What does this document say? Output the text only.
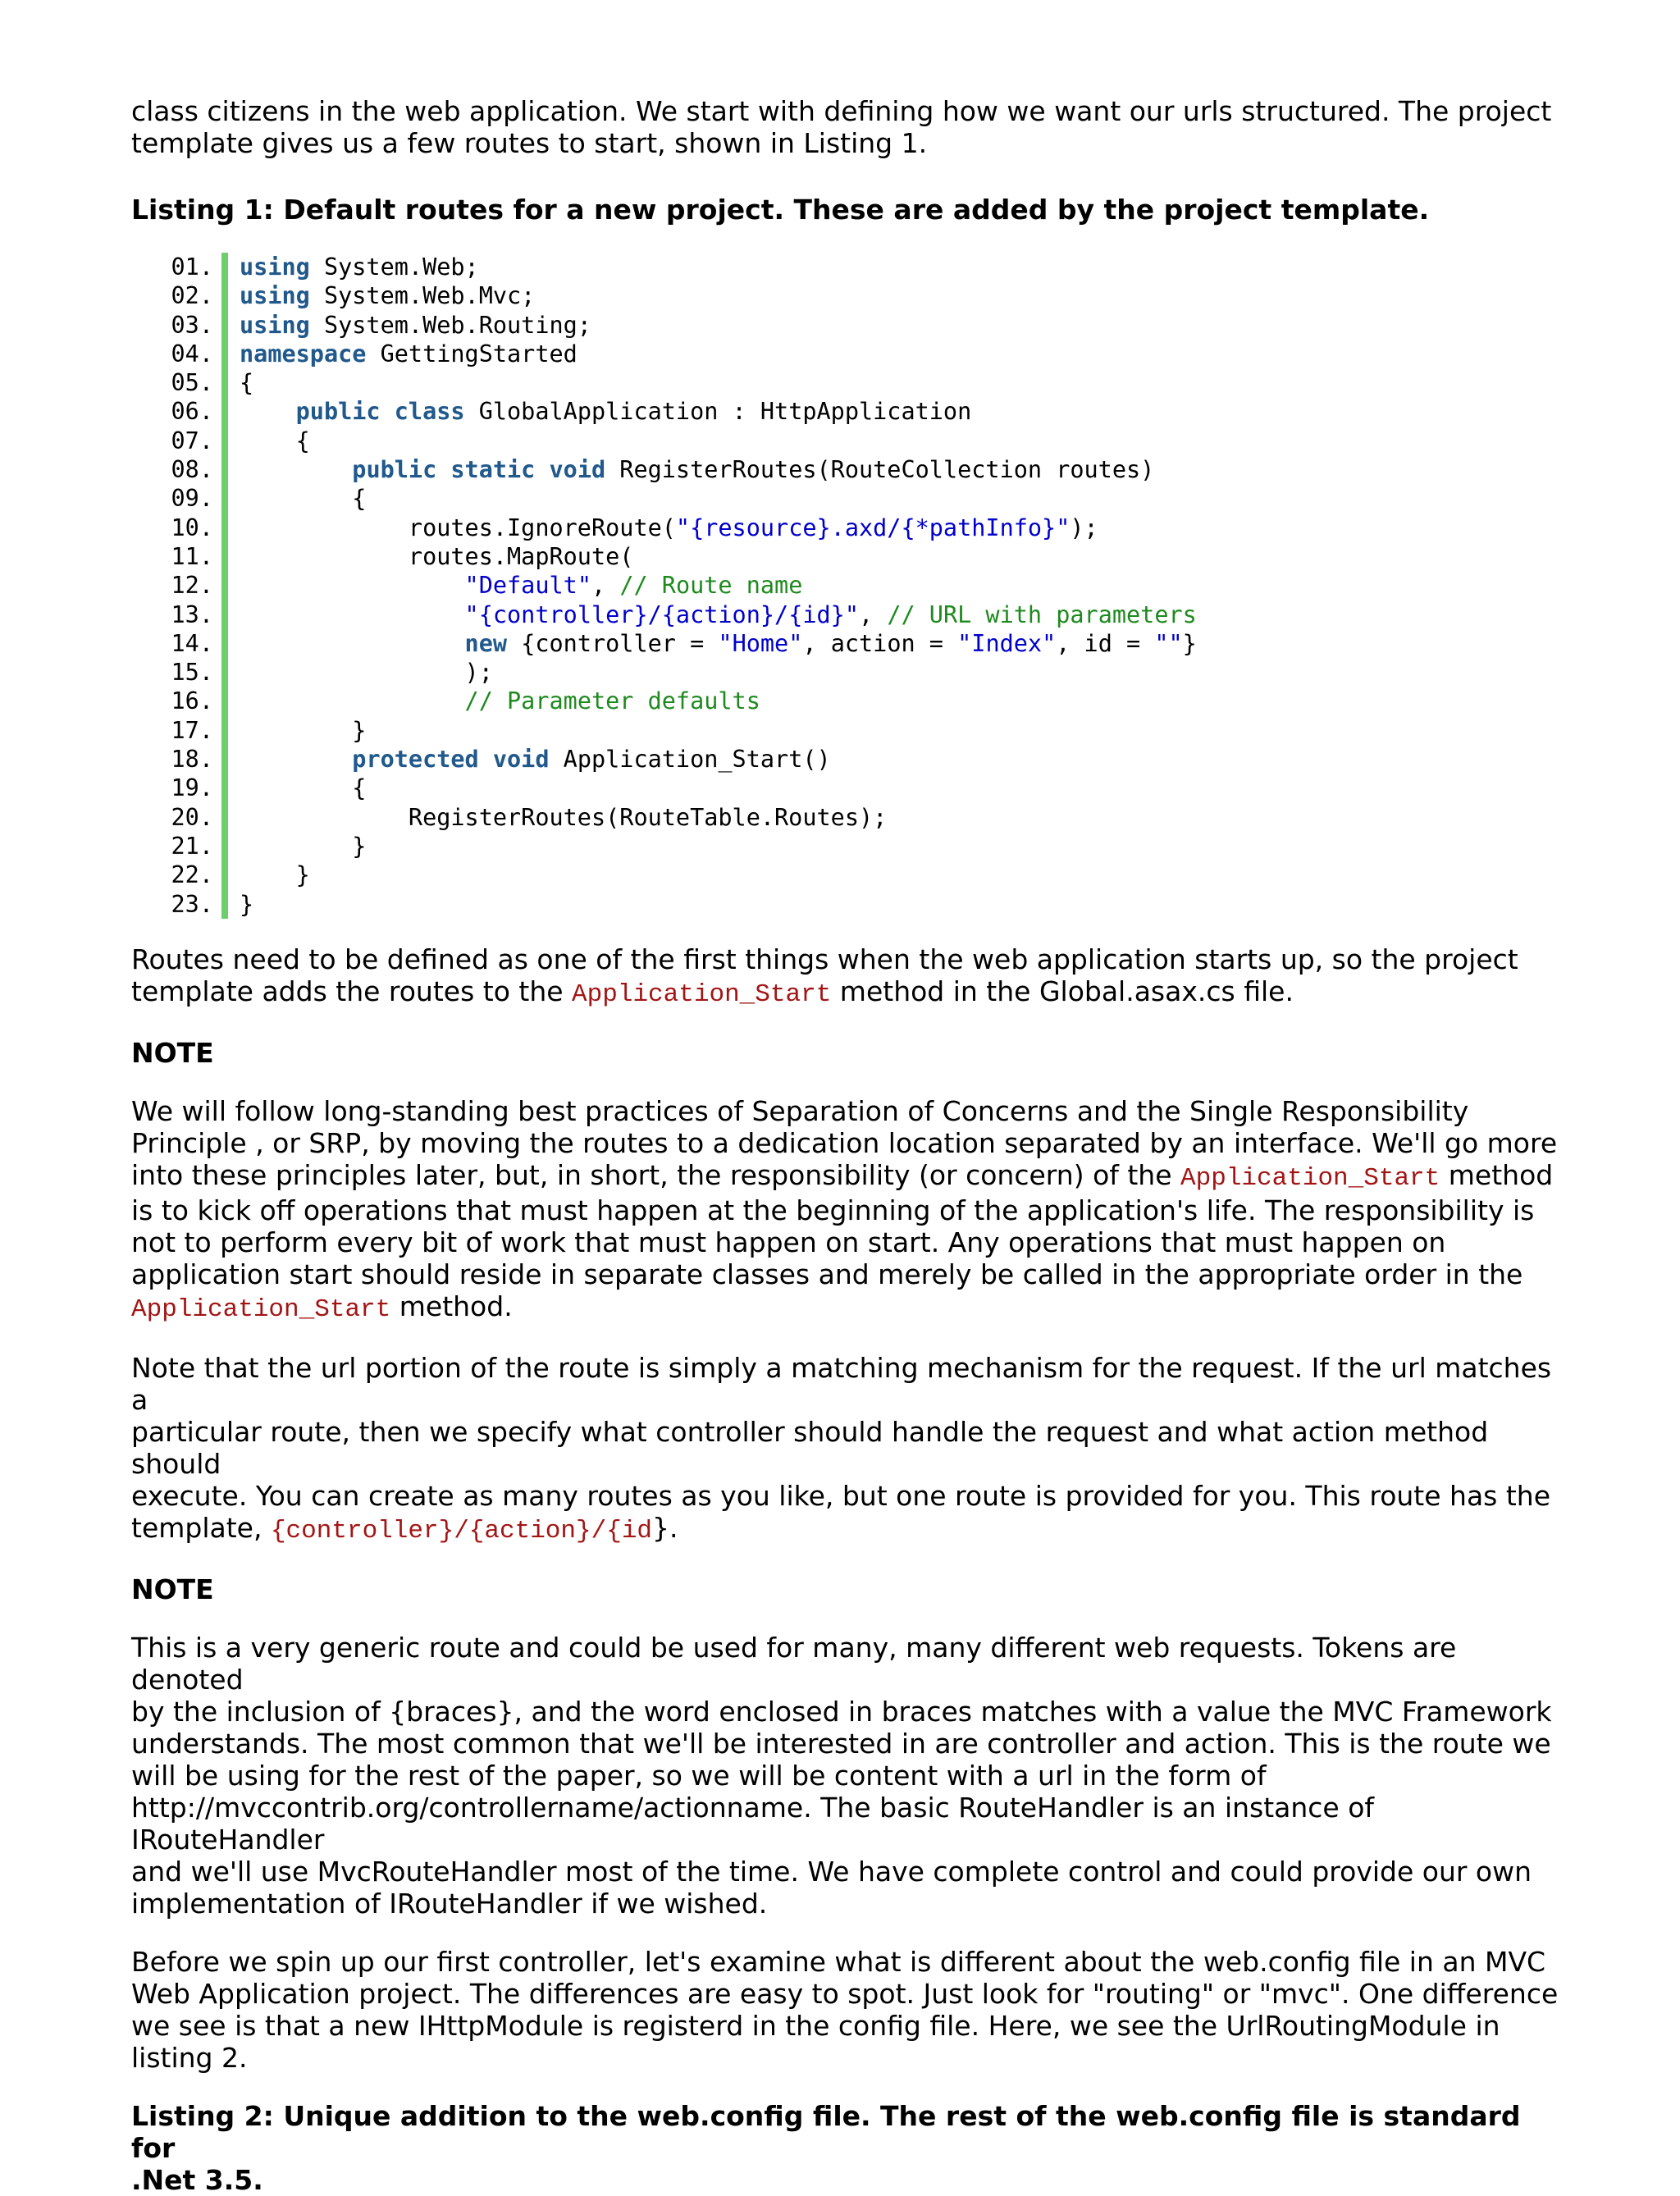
class citizens in the web application. We start with defining how we want our urls structured. The project
template gives us a few routes to start, shown in Listing 1.

Listing 1: Default routes for a new project. These are added by the project template.

01.	using System.Web;
02.	using System.Web.Mvc;
03.	using System.Web.Routing;
04.	namespace GettingStarted
05.	{
06.	public class GlobalApplication : HttpApplication
07.	{
08.	public static void RegisterRoutes(RouteCollection routes)
09.	{
10.	routes.IgnoreRoute("{resource}.axd/{*pathInfo}");
11.	routes.MapRoute(
12.	"Default", // Route name
13.	"{controller}/{action}/{id}", // URL with parameters
14.	new {controller = "Home", action = "Index", id = ""}
15.	);
16.	// Parameter defaults
17.	}
18.	protected void Application_Start()
19.	{
20.	RegisterRoutes(RouteTable.Routes);
21.	}
22.	}
23.	}

Routes need to be defined as one of the first things when the web application starts up, so the project
template adds the routes to the Application_Start method in the Global.asax.cs file.

NOTE

We will follow long-standing best practices of Separation of Concerns and the Single Responsibility
Principle , or SRP, by moving the routes to a dedication location separated by an interface. We'll go more
into these principles later, but, in short, the responsibility (or concern) of the Application_Start method
is to kick off operations that must happen at the beginning of the application's life. The responsibility is
not to perform every bit of work that must happen on start. Any operations that must happen on
application start should reside in separate classes and merely be called in the appropriate order in the
Application_Start method.

Note that the url portion of the route is simply a matching mechanism for the request. If the url matches a
particular route, then we specify what controller should handle the request and what action method should
execute. You can create as many routes as you like, but one route is provided for you. This route has the
template, {controller}/{action}/{id}.

NOTE

This is a very generic route and could be used for many, many different web requests. Tokens are denoted
by the inclusion of {braces}, and the word enclosed in braces matches with a value the MVC Framework
understands. The most common that we'll be interested in are controller and action. This is the route we
will be using for the rest of the paper, so we will be content with a url in the form of
http://mvccontrib.org/controllername/actionname. The basic RouteHandler is an instance of IRouteHandler
and we'll use MvcRouteHandler most of the time. We have complete control and could provide our own
implementation of IRouteHandler if we wished.

Before we spin up our first controller, let's examine what is different about the web.config file in an MVC
Web Application project. The differences are easy to spot. Just look for "routing" or "mvc". One difference
we see is that a new IHttpModule is registerd in the config file. Here, we see the UrlRoutingModule in
listing 2.

Listing 2: Unique addition to the web.config file. The rest of the web.config file is standard for
.Net 3.5.
